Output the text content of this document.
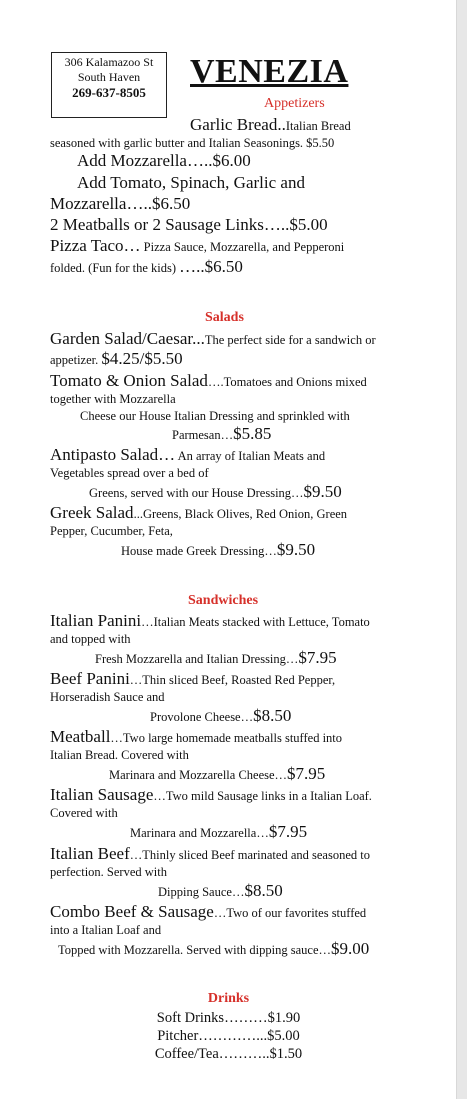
306 Kalamazoo St
South Haven
269-637-8505
VENEZIA
Appetizers
Garlic Bread..Italian Bread
seasoned with garlic butter and Italian Seasonings. $5.50
Add Mozzarella…..$6.00
Add Tomato, Spinach, Garlic and
Mozzarella…..$6.50
2 Meatballs or 2 Sausage Links…..$5.00
Pizza Taco… Pizza Sauce, Mozzarella, and Pepperoni
folded. (Fun for the kids) …..$6.50
Salads
Garden Salad/Caesar...The perfect side for a sandwich or
appetizer. $4.25/$5.50
Tomato & Onion Salad….Tomatoes and Onions mixed
together with Mozzarella
Cheese our House Italian Dressing and sprinkled with
Parmesan…$5.85
Antipasto Salad… An array of Italian Meats and
Vegetables spread over a bed of
Greens, served with our House Dressing…$9.50
Greek Salad...Greens, Black Olives, Red Onion, Green
Pepper, Cucumber, Feta,
House made Greek Dressing…$9.50
Sandwiches
Italian Panini…Italian Meats stacked with Lettuce, Tomato
and topped with
Fresh Mozzarella and Italian Dressing…$7.95
Beef Panini…Thin sliced Beef, Roasted Red Pepper,
Horseradish Sauce and
Provolone Cheese…$8.50
Meatball…Two large homemade meatballs stuffed into
Italian Bread. Covered with
Marinara and Mozzarella Cheese…$7.95
Italian Sausage…Two mild Sausage links in a Italian Loaf.
Covered with
Marinara and Mozzarella…$7.95
Italian Beef…Thinly sliced Beef marinated and seasoned to
perfection. Served with
Dipping Sauce…$8.50
Combo Beef & Sausage…Two of our favorites stuffed
into a Italian Loaf and
Topped with Mozzarella. Served with dipping sauce…$9.00
Drinks
Soft Drinks………$1.90
Pitcher…………...$5.00
Coffee/Tea………..$1.50
